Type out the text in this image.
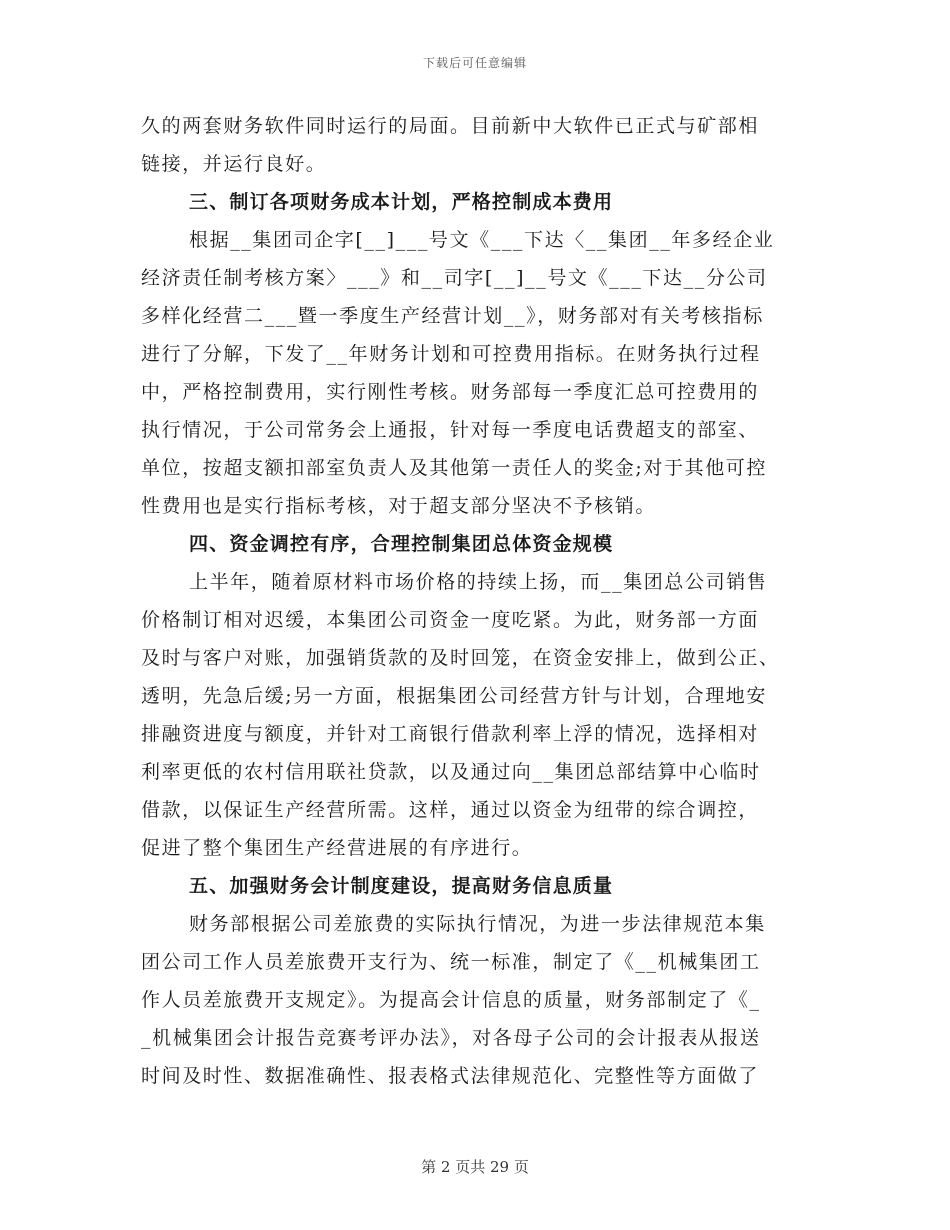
下载后可任意编辑
久的两套财务软件同时运行的局面。目前新中大软件已正式与矿部相
链接，并运行良好。
三、制订各项财务成本计划，严格控制成本费用
根据__集团司企字[__]___号文《___下达〈__集团__年多经企业
经济责任制考核方案〉___》和__司字[__]__号文《___下达__分公司
多样化经营二___暨一季度生产经营计划__》，财务部对有关考核指标
进行了分解，下发了__年财务计划和可控费用指标。在财务执行过程
中，严格控制费用，实行刚性考核。财务部每一季度汇总可控费用的
执行情况，于公司常务会上通报，针对每一季度电话费超支的部室、
单位，按超支额扣部室负责人及其他第一责任人的奖金;对于其他可控
性费用也是实行指标考核，对于超支部分坚决不予核销。
四、资金调控有序，合理控制集团总体资金规模
上半年，随着原材料市场价格的持续上扬，而__集团总公司销售
价格制订相对迟缓，本集团公司资金一度吃紧。为此，财务部一方面
及时与客户对账，加强销货款的及时回笼，在资金安排上，做到公正、
透明，先急后缓;另一方面，根据集团公司经营方针与计划，合理地安
排融资进度与额度，并针对工商银行借款利率上浮的情况，选择相对
利率更低的农村信用联社贷款，以及通过向__集团总部结算中心临时
借款，以保证生产经营所需。这样，通过以资金为纽带的综合调控，
促进了整个集团生产经营进展的有序进行。
五、加强财务会计制度建设，提高财务信息质量
财务部根据公司差旅费的实际执行情况，为进一步法律规范本集
团公司工作人员差旅费开支行为、统一标准，制定了《__机械集团工
作人员差旅费开支规定》。为提高会计信息的质量，财务部制定了《_
_机械集团会计报告竞赛考评办法》，对各母子公司的会计报表从报送
时间及时性、数据准确性、报表格式法律规范化、完整性等方面做了
第 2 页共 29 页
